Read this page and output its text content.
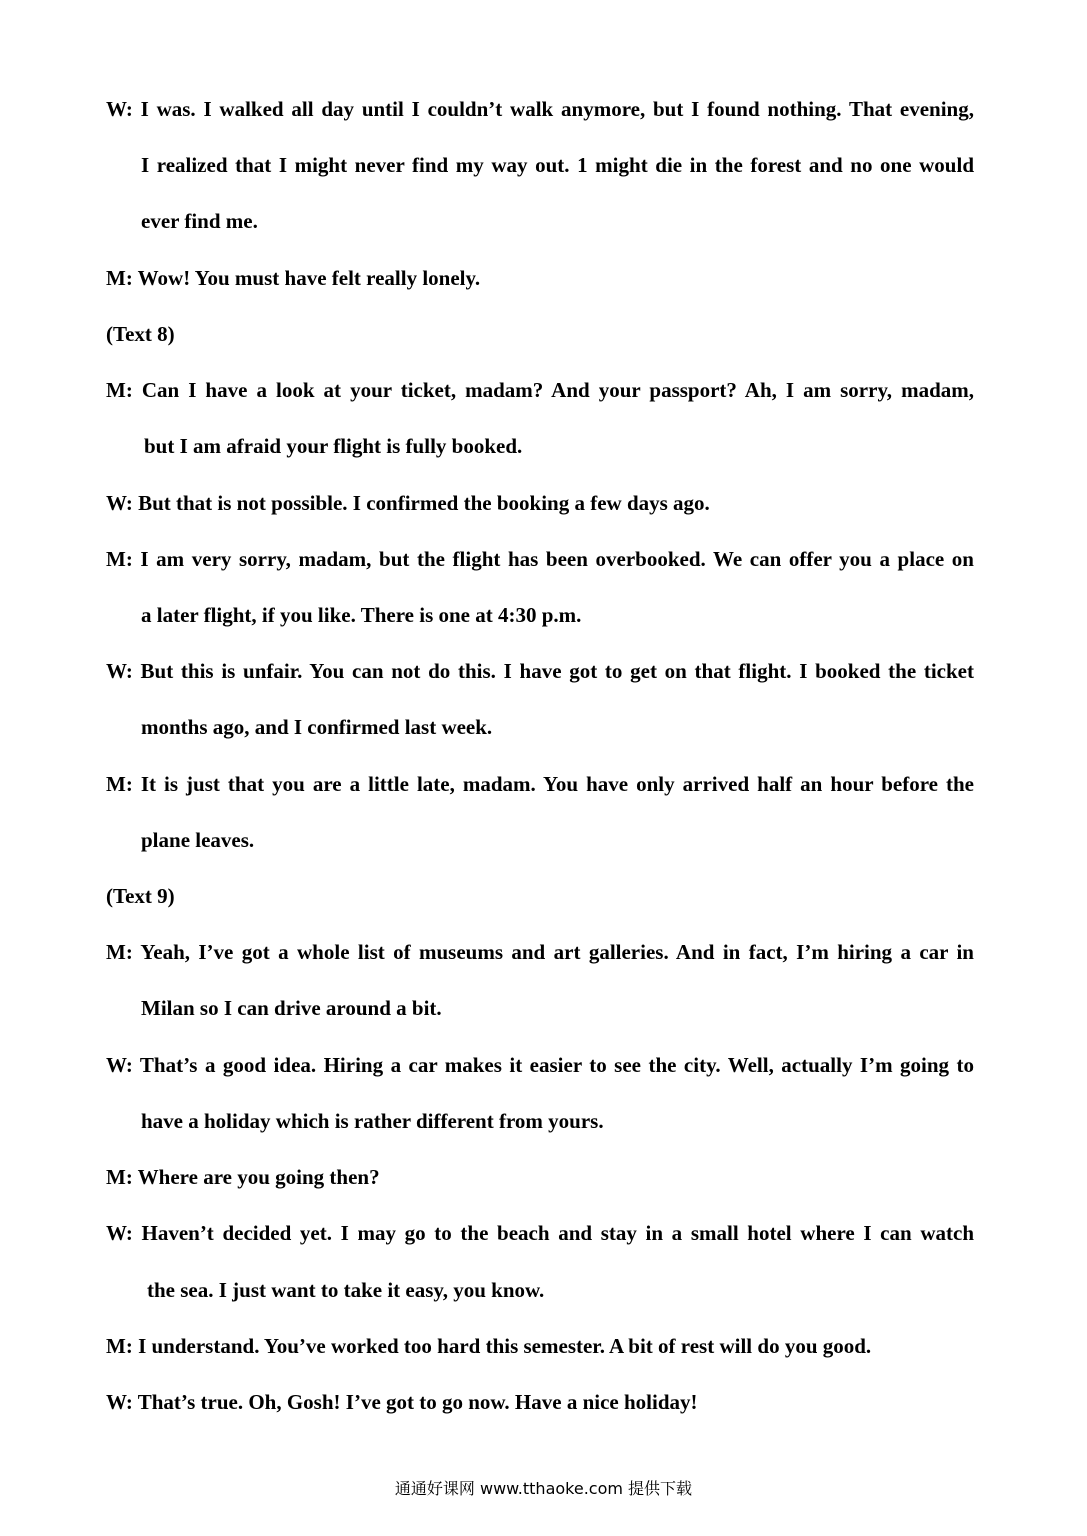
W: I was. I walked all day until I couldn’t walk anymore, but I found nothing. That evening,
I realized that I might never find my way out. 1 might die in the forest and no one would
ever find me.
M: Wow! You must have felt really lonely.
(Text 8)
M: Can I have a look at your ticket, madam? And your passport? Ah, I am sorry, madam,
but I am afraid your flight is fully booked.
W: But that is not possible. I confirmed the booking a few days ago.
M: I am very sorry, madam, but the flight has been overbooked. We can offer you a place on
a later flight, if you like. There is one at 4:30 p.m.
W: But this is unfair. You can not do this. I have got to get on that flight. I booked the ticket
months ago, and I confirmed last week.
M: It is just that you are a little late, madam. You have only arrived half an hour before the
plane leaves.
(Text 9)
M: Yeah, I’ve got a whole list of museums and art galleries. And in fact, I’m hiring a car in
Milan so I can drive around a bit.
W: That’s a good idea. Hiring a car makes it easier to see the city. Well, actually I’m going to
have a holiday which is rather different from yours.
M: Where are you going then?
W: Haven’t decided yet. I may go to the beach and stay in a small hotel where I can watch
the sea. I just want to take it easy, you know.
M: I understand. You’ve worked too hard this semester. A bit of rest will do you good.
W: That’s true. Oh, Gosh! I’ve got to go now. Have a nice holiday!
通通好课网 www.tthaoke.com 提供下载
